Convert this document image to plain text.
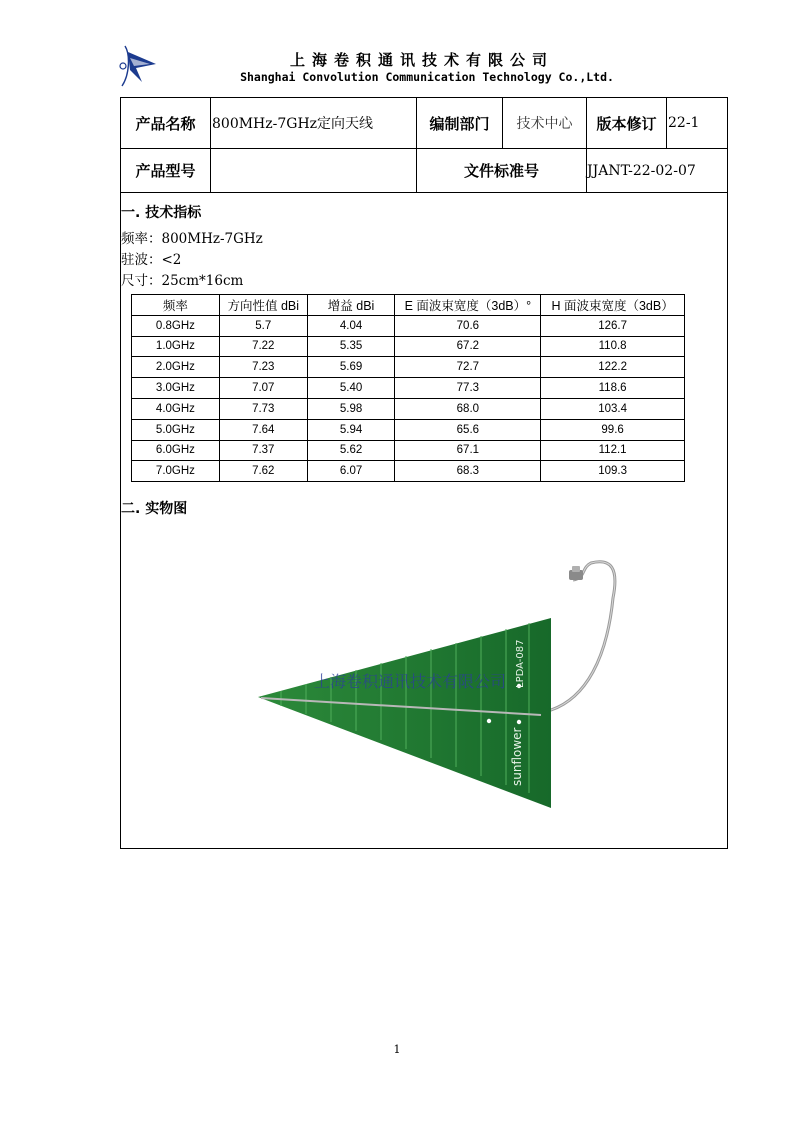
上海卷积通讯技术有限公司
Shanghai Convolution Communication Technology Co.,Ltd.
产品名称	800MHz-7GHz定向天线	编制部门	技术中心	版本修订 22-1
产品型号	文件标准号	JJANT-22-02-07
一. 技术指标
频率：800MHz-7GHz
驻波：<2
尺寸：25cm*16cm
频率	方向性值 dBi	增益 dBi	E 面波束宽度（3dB）°	H 面波束宽度（3dB）
0.8GHz	5.7	4.04	70.6	126.7
1.0GHz	7.22	5.35	67.2	110.8
2.0GHz	7.23	5.69	72.7	122.2
3.0GHz	7.07	5.40	77.3	118.6
4.0GHz	7.73	5.98	68.0	103.4
5.0GHz	7.64	5.94	65.6	99.6
6.0GHz	7.37	5.62	67.1	112.1
7.0GHz	7.62	6.07	68.3	109.3
二. 实物图
LPDA-087
sunflower
上海卷积通讯技术有限公司
1
